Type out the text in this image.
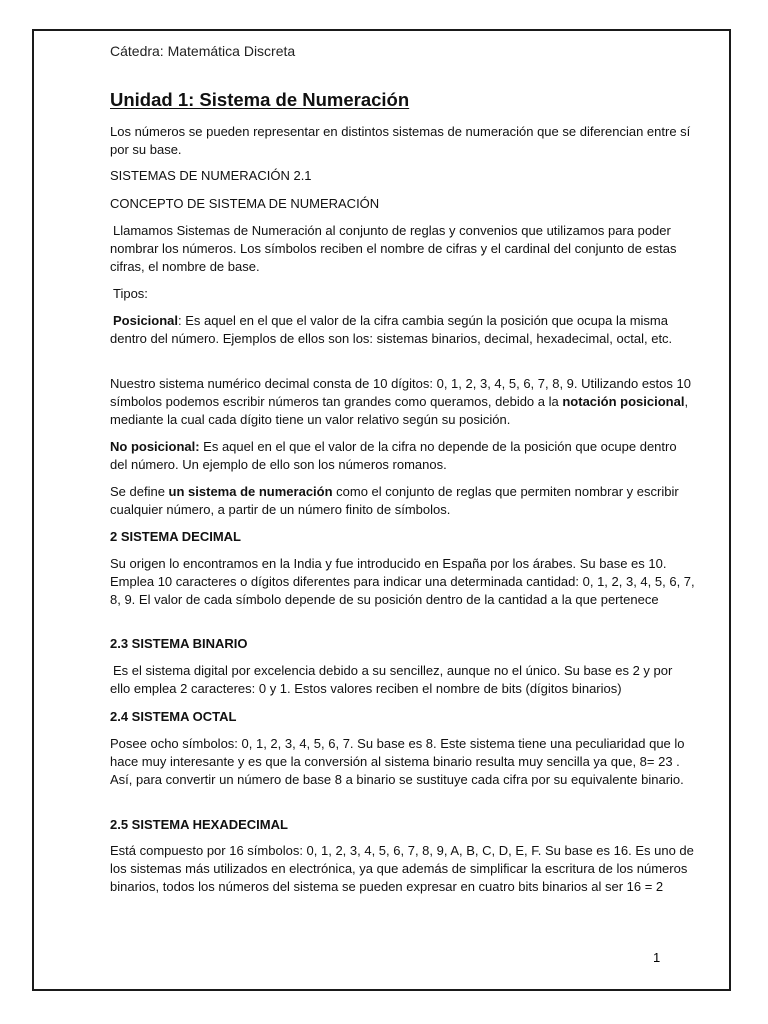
Cátedra: Matemática Discreta
Unidad 1: Sistema de Numeración

Los números se pueden representar en distintos sistemas de numeración que se diferencian entre sí por su base.

SISTEMAS DE NUMERACIÓN 2.1

CONCEPTO DE SISTEMA DE NUMERACIÓN

Llamamos Sistemas de Numeración al conjunto de reglas y convenios que utilizamos para poder nombrar los números. Los símbolos reciben el nombre de cifras y el cardinal del conjunto de estas cifras, el nombre de base.

Tipos:

Posicional: Es aquel en el que el valor de la cifra cambia según la posición que ocupa la misma dentro del número. Ejemplos de ellos son los: sistemas binarios, decimal, hexadecimal, octal, etc.

Nuestro sistema numérico decimal consta de 10 dígitos: 0, 1, 2, 3, 4, 5, 6, 7, 8, 9. Utilizando estos 10 símbolos podemos escribir números tan grandes como queramos, debido a la notación posicional, mediante la cual cada dígito tiene un valor relativo según su posición.

No posicional: Es aquel en el que el valor de la cifra no depende de la posición que ocupe dentro del número. Un ejemplo de ello son los números romanos.

Se define un sistema de numeración como el conjunto de reglas que permiten nombrar y escribir cualquier número, a partir de un número finito de símbolos.

2 SISTEMA DECIMAL

Su origen lo encontramos en la India y fue introducido en España por los árabes. Su base es 10. Emplea 10 caracteres o dígitos diferentes para indicar una determinada cantidad: 0, 1, 2, 3, 4, 5, 6, 7, 8, 9. El valor de cada símbolo depende de su posición dentro de la cantidad a la que pertenece

2.3 SISTEMA BINARIO

Es el sistema digital por excelencia debido a su sencillez, aunque no el único. Su base es 2 y por ello emplea 2 caracteres: 0 y 1. Estos valores reciben el nombre de bits (dígitos binarios)

2.4 SISTEMA OCTAL

Posee ocho símbolos: 0, 1, 2, 3, 4, 5, 6, 7. Su base es 8. Este sistema tiene una peculiaridad que lo hace muy interesante y es que la conversión al sistema binario resulta muy sencilla ya que, 8= 23 . Así, para convertir un número de base 8 a binario se sustituye cada cifra por su equivalente binario.

2.5 SISTEMA HEXADECIMAL

Está compuesto por 16 símbolos: 0, 1, 2, 3, 4, 5, 6, 7, 8, 9, A, B, C, D, E, F. Su base es 16. Es uno de los sistemas más utilizados en electrónica, ya que además de simplificar la escritura de los números binarios, todos los números del sistema se pueden expresar en cuatro bits binarios al ser 16 = 2

1
